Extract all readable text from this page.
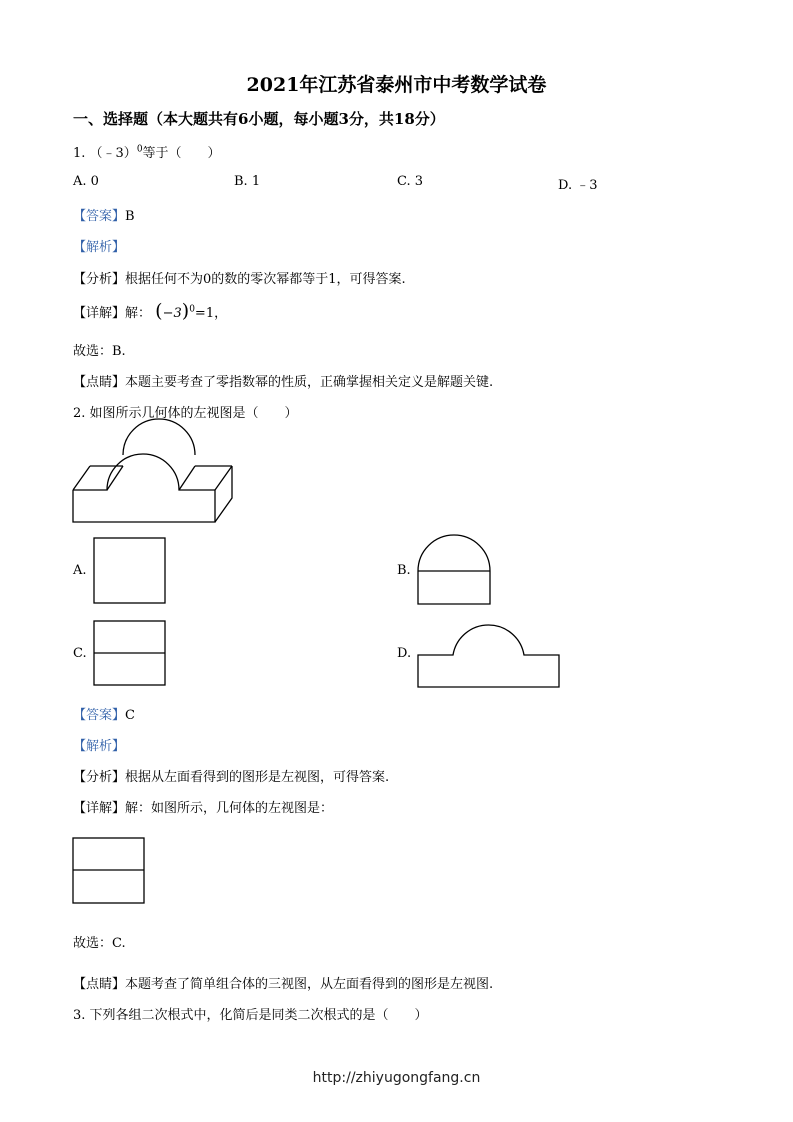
2021年江苏省泰州市中考数学试卷
一、选择题（本大题共有6小题，每小题3分，共18分）
1. （﹣3）$^0$等于（　　）
A. 0	B. 1	C. 3	D. ﹣3
【答案】B
【解析】
【分析】根据任何不为0的数的零次幂都等于1，可得答案.
【详解】解： $(-3)^0=1$，
故选：B.
【点睛】本题主要考查了零指数幂的性质，正确掌握相关定义是解题关键.
2. 如图所示几何体的左视图是（　　）
A.	B.
C.	D.
【答案】C
【解析】
【分析】根据从左面看得到的图形是左视图，可得答案.
【详解】解：如图所示，几何体的左视图是：
故选：C.
【点睛】本题考查了简单组合体的三视图，从左面看得到的图形是左视图.
3. 下列各组二次根式中，化简后是同类二次根式的是（　　）
http://zhiyugongfang.cn
